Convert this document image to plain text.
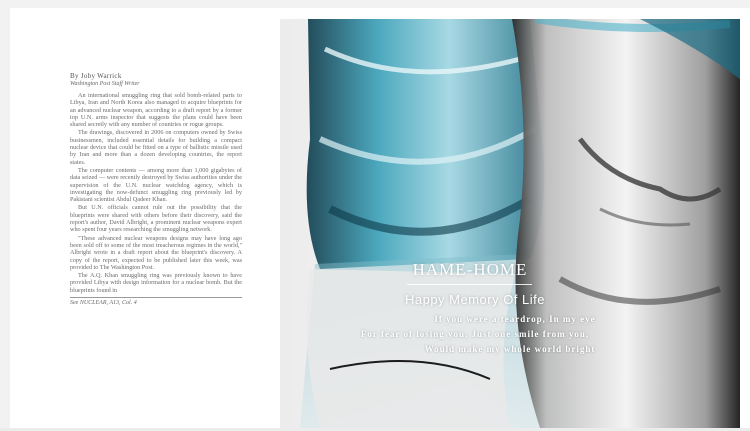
By Joby Warrick
Washington Post Staff Writer

An international smuggling ring that sold bomb-related parts to Libya, Iran and North Korea also managed to acquire blueprints for an advanced nuclear weapon, according to a draft report by a former top U.N. arms inspector that suggests the plans could have been shared secretly with any number of countries or rogue groups.

The drawings, discovered in 2006 on computers owned by Swiss businessmen, included essential details for building a compact nuclear device that could be fitted on a type of ballistic missile used by Iran and more than a dozen developing countries, the report states.

The computer contents — among more than 1,000 gigabytes of data seized — were recently destroyed by Swiss authorities under the supervision of the U.N. nuclear watchdog agency, which is investigating the now-defunct smuggling ring previously led by Pakistani scientist Abdul Qadeer Khan.

But U.N. officials cannot rule out the possibility that the blueprints were shared with others before their discovery, said the report's author, David Albright, a prominent nuclear weapons expert who spent four years researching the smuggling network.

"These advanced nuclear weapons designs may have long ago been sold off to some of the most treacherous regimes in the world," Albright wrote in a draft report about the blueprint's discovery. A copy of the report, expected to be published later this week, was provided to The Washington Post.

The A.Q. Khan smuggling ring was previously known to have provided Libya with design information for a nuclear bomb. But the blueprints found in

See NUCLEAR, A13, Col. 4
HAME-HOME
Happy Memory Of Life
If you were a teardrop, In my eye
For fear of losing you, Just one smile from you,
Would make my whole world bright
